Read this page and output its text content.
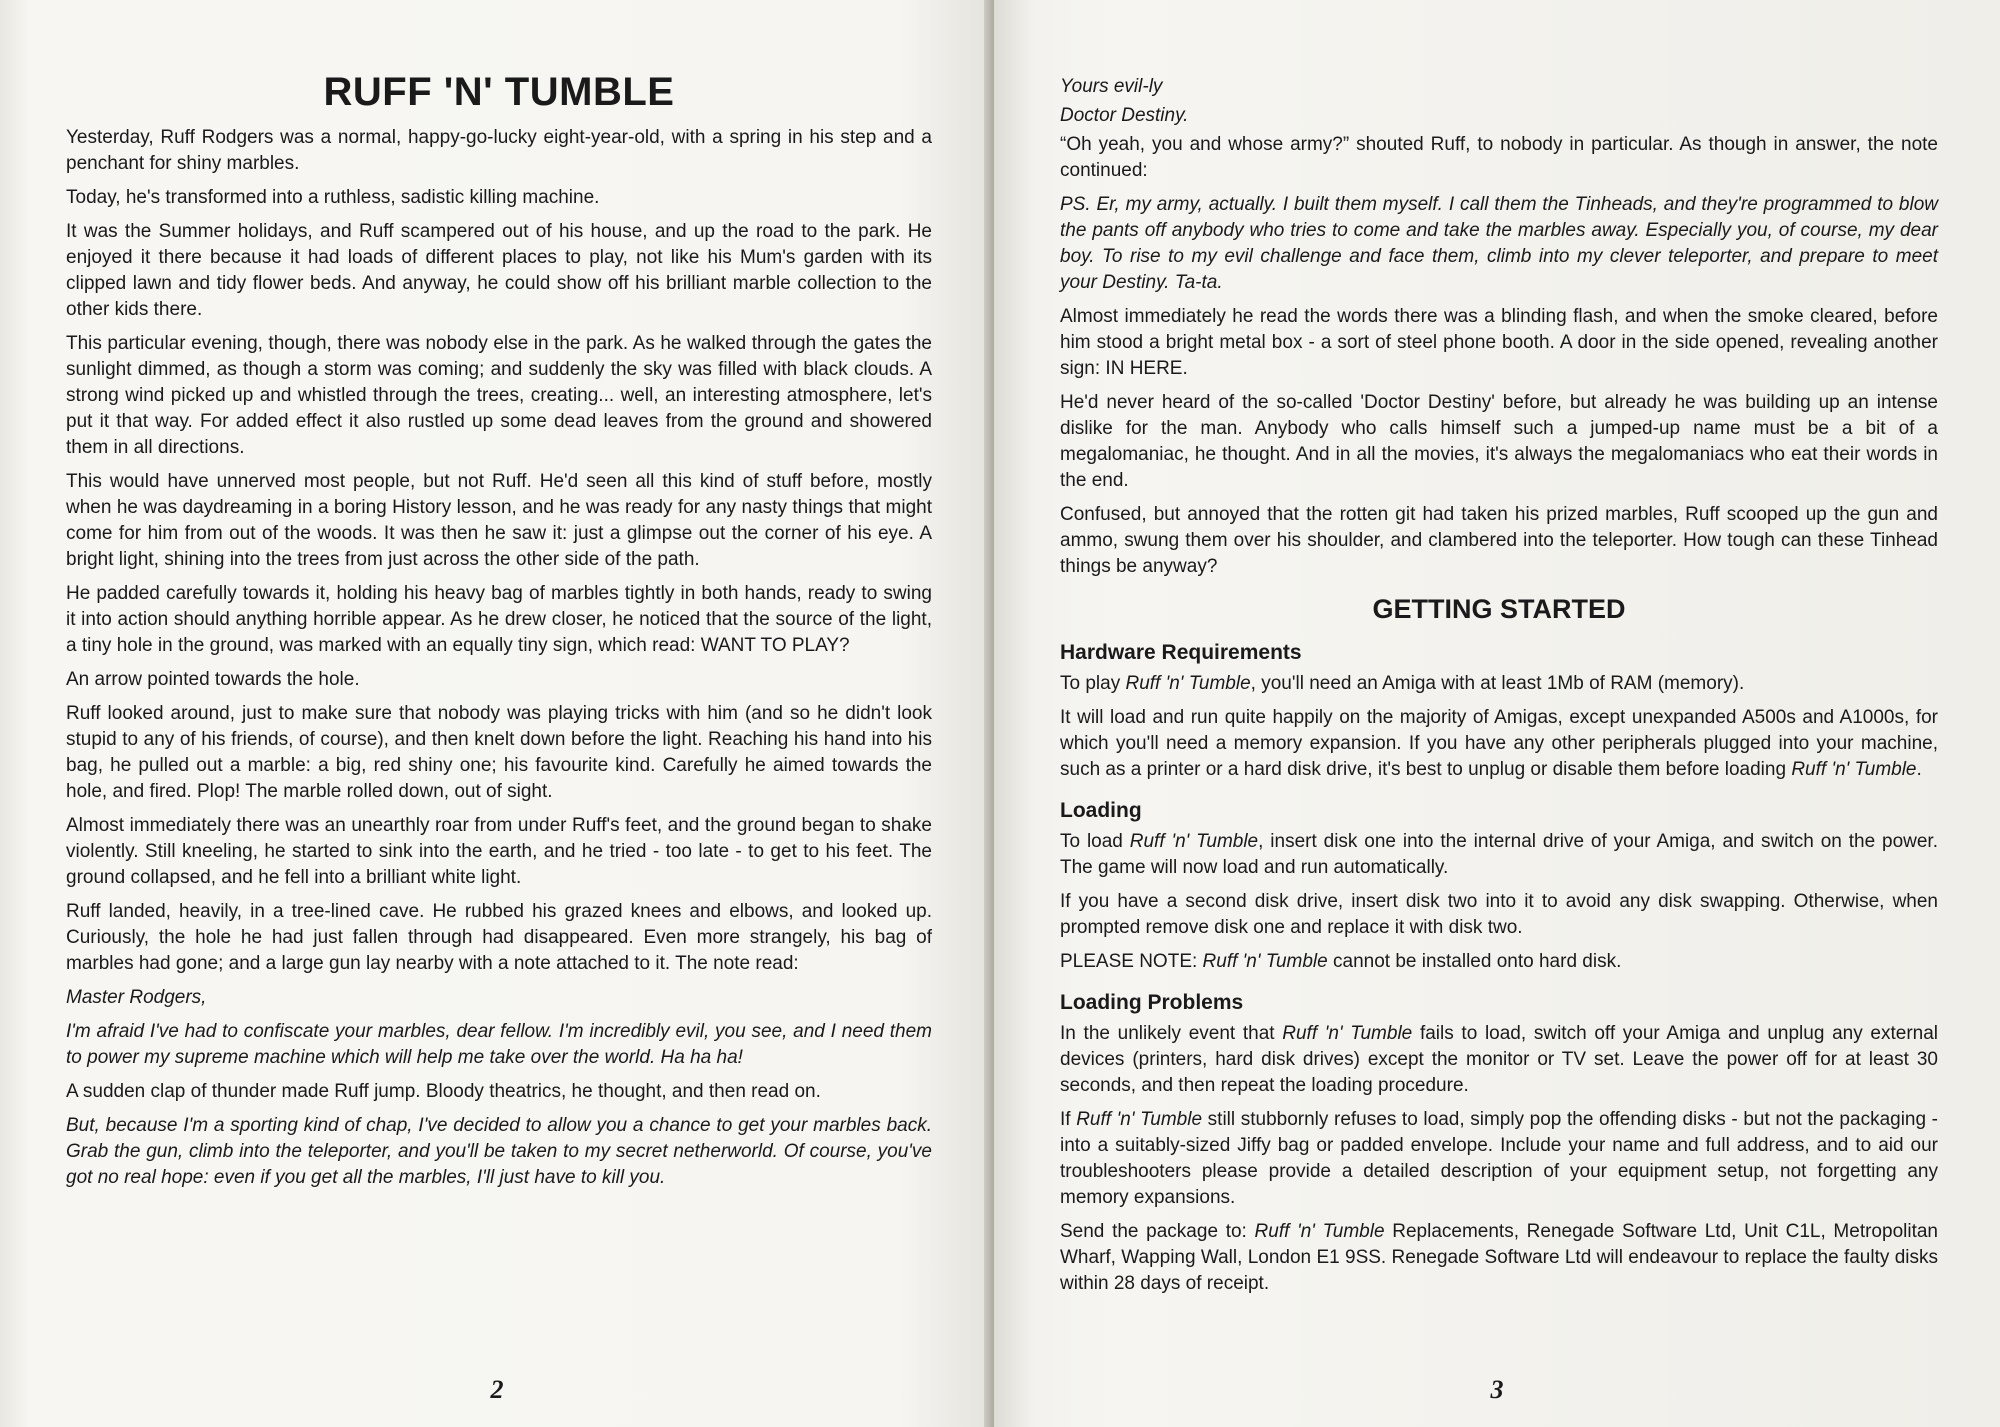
RUFF 'N' TUMBLE

Yesterday, Ruff Rodgers was a normal, happy-go-lucky eight-year-old, with a spring in his step and a penchant for shiny marbles.

Today, he's transformed into a ruthless, sadistic killing machine.

It was the Summer holidays, and Ruff scampered out of his house, and up the road to the park. He enjoyed it there because it had loads of different places to play, not like his Mum's garden with its clipped lawn and tidy flower beds. And anyway, he could show off his brilliant marble collection to the other kids there.

This particular evening, though, there was nobody else in the park. As he walked through the gates the sunlight dimmed, as though a storm was coming; and suddenly the sky was filled with black clouds. A strong wind picked up and whistled through the trees, creating... well, an interesting atmosphere, let's put it that way. For added effect it also rustled up some dead leaves from the ground and showered them in all directions.

This would have unnerved most people, but not Ruff. He'd seen all this kind of stuff before, mostly when he was daydreaming in a boring History lesson, and he was ready for any nasty things that might come for him from out of the woods. It was then he saw it: just a glimpse out the corner of his eye. A bright light, shining into the trees from just across the other side of the path.

He padded carefully towards it, holding his heavy bag of marbles tightly in both hands, ready to swing it into action should anything horrible appear. As he drew closer, he noticed that the source of the light, a tiny hole in the ground, was marked with an equally tiny sign, which read: WANT TO PLAY?

An arrow pointed towards the hole.

Ruff looked around, just to make sure that nobody was playing tricks with him (and so he didn't look stupid to any of his friends, of course), and then knelt down before the light. Reaching his hand into his bag, he pulled out a marble: a big, red shiny one; his favourite kind. Carefully he aimed towards the hole, and fired. Plop! The marble rolled down, out of sight.

Almost immediately there was an unearthly roar from under Ruff's feet, and the ground began to shake violently. Still kneeling, he started to sink into the earth, and he tried - too late - to get to his feet. The ground collapsed, and he fell into a brilliant white light.

Ruff landed, heavily, in a tree-lined cave. He rubbed his grazed knees and elbows, and looked up. Curiously, the hole he had just fallen through had disappeared. Even more strangely, his bag of marbles had gone; and a large gun lay nearby with a note attached to it. The note read:

Master Rodgers,

I'm afraid I've had to confiscate your marbles, dear fellow. I'm incredibly evil, you see, and I need them to power my supreme machine which will help me take over the world. Ha ha ha!

A sudden clap of thunder made Ruff jump. Bloody theatrics, he thought, and then read on.

But, because I'm a sporting kind of chap, I've decided to allow you a chance to get your marbles back. Grab the gun, climb into the teleporter, and you'll be taken to my secret netherworld. Of course, you've got no real hope: even if you get all the marbles, I'll just have to kill you.

2

Yours evil-ly

Doctor Destiny.

“Oh yeah, you and whose army?” shouted Ruff, to nobody in particular. As though in answer, the note continued:

PS. Er, my army, actually. I built them myself. I call them the Tinheads, and they're programmed to blow the pants off anybody who tries to come and take the marbles away. Especially you, of course, my dear boy. To rise to my evil challenge and face them, climb into my clever teleporter, and prepare to meet your Destiny. Ta-ta.

Almost immediately he read the words there was a blinding flash, and when the smoke cleared, before him stood a bright metal box - a sort of steel phone booth. A door in the side opened, revealing another sign: IN HERE.

He'd never heard of the so-called 'Doctor Destiny' before, but already he was building up an intense dislike for the man. Anybody who calls himself such a jumped-up name must be a bit of a megalomaniac, he thought. And in all the movies, it's always the megalomaniacs who eat their words in the end.

Confused, but annoyed that the rotten git had taken his prized marbles, Ruff scooped up the gun and ammo, swung them over his shoulder, and clambered into the teleporter. How tough can these Tinhead things be anyway?

GETTING STARTED
Hardware Requirements

To play Ruff 'n' Tumble, you'll need an Amiga with at least 1Mb of RAM (memory).

It will load and run quite happily on the majority of Amigas, except unexpanded A500s and A1000s, for which you'll need a memory expansion. If you have any other peripherals plugged into your machine, such as a printer or a hard disk drive, it's best to unplug or disable them before loading Ruff 'n' Tumble.

Loading

To load Ruff 'n' Tumble, insert disk one into the internal drive of your Amiga, and switch on the power. The game will now load and run automatically.

If you have a second disk drive, insert disk two into it to avoid any disk swapping. Otherwise, when prompted remove disk one and replace it with disk two.

PLEASE NOTE: Ruff 'n' Tumble cannot be installed onto hard disk.

Loading Problems

In the unlikely event that Ruff 'n' Tumble fails to load, switch off your Amiga and unplug any external devices (printers, hard disk drives) except the monitor or TV set. Leave the power off for at least 30 seconds, and then repeat the loading procedure.

If Ruff 'n' Tumble still stubbornly refuses to load, simply pop the offending disks - but not the packaging - into a suitably-sized Jiffy bag or padded envelope. Include your name and full address, and to aid our troubleshooters please provide a detailed description of your equipment setup, not forgetting any memory expansions.

Send the package to: Ruff 'n' Tumble Replacements, Renegade Software Ltd, Unit C1L, Metropolitan Wharf, Wapping Wall, London E1 9SS. Renegade Software Ltd will endeavour to replace the faulty disks within 28 days of receipt.

3
